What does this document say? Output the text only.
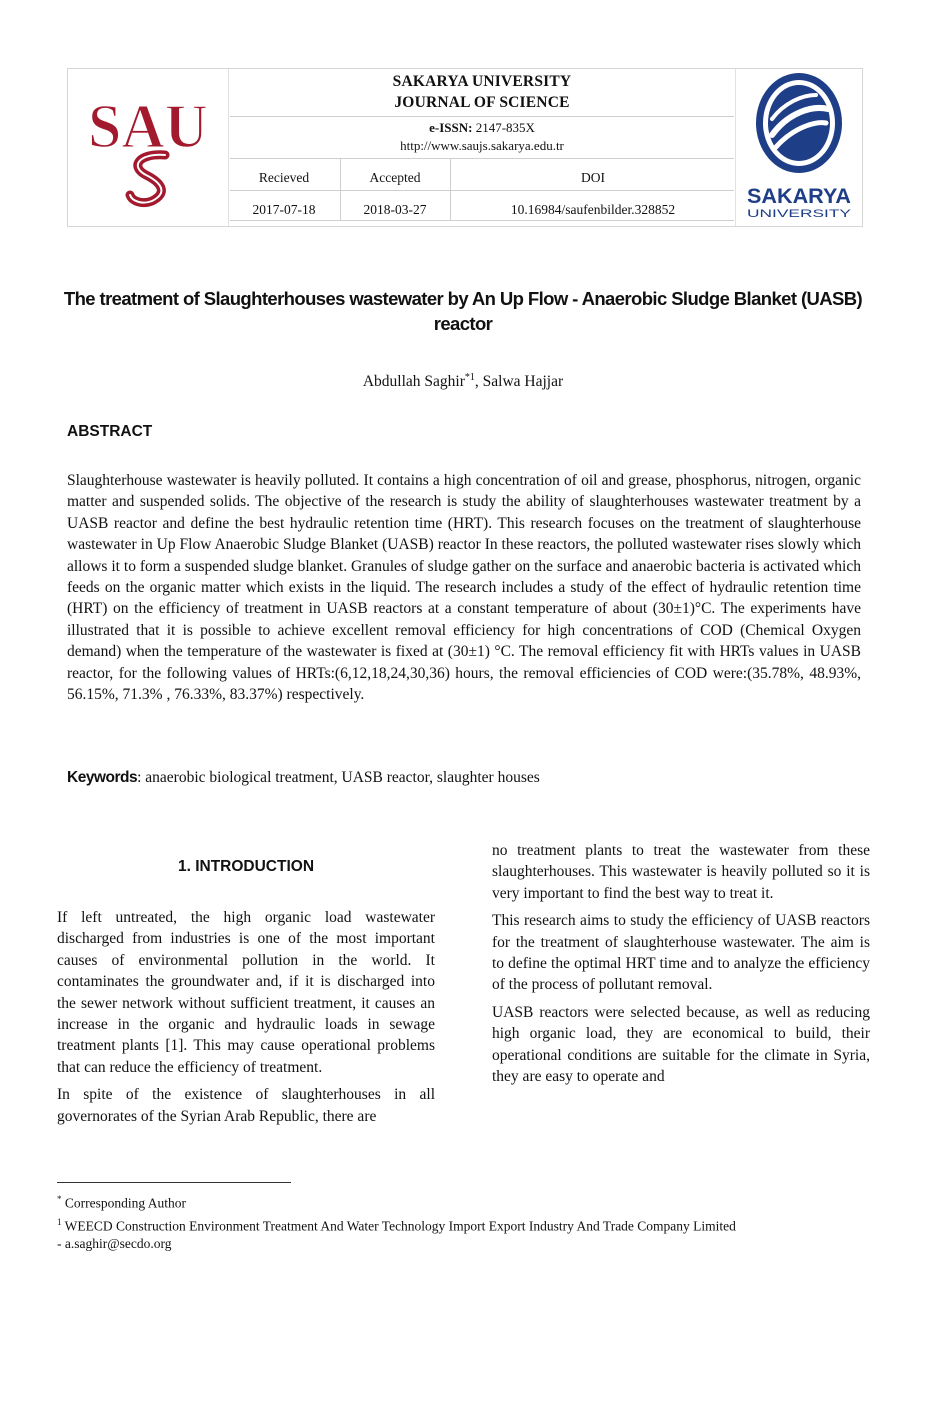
SAU
SAKARYA UNIVERSITY
JOURNAL OF SCIENCE
e-ISSN: 2147-835X
http://www.saujs.sakarya.edu.tr
Recieved	Accepted	DOI
2017-07-18	2018-03-27	10.16984/saufenbilder.328852
SAKARYA
UNIVERSITY
The treatment of Slaughterhouses wastewater by An Up Flow - Anaerobic Sludge Blanket (UASB) reactor
Abdullah Saghir$^{*1}$, Salwa Hajjar
ABSTRACT

Slaughterhouse wastewater is heavily polluted. It contains a high concentration of oil and grease, phosphorus, nitrogen, organic matter and suspended solids. The objective of the research is study the ability of slaughterhouses wastewater treatment by a UASB reactor and define the best hydraulic retention time (HRT). This research focuses on the treatment of slaughterhouse wastewater in Up Flow Anaerobic Sludge Blanket (UASB) reactor In these reactors, the polluted wastewater rises slowly which allows it to form a suspended sludge blanket. Granules of sludge gather on the surface and anaerobic bacteria is activated which feeds on the organic matter which exists in the liquid. The research includes a study of the effect of hydraulic retention time (HRT) on the efficiency of treatment in UASB reactors at a constant temperature of about (30±1)°C. The experiments have illustrated that it is possible to achieve excellent removal efficiency for high concentrations of COD (Chemical Oxygen demand) when the temperature of the wastewater is fixed at (30±1) °C. The removal efficiency fit with HRTs values in UASB reactor, for the following values of HRTs:(6,12,18,24,30,36) hours, the removal efficiencies of COD were:(35.78%, 48.93%, 56.15%, 71.3% , 76.33%, 83.37%) respectively.

Keywords: anaerobic biological treatment, UASB reactor, slaughter houses
1. INTRODUCTION

If left untreated, the high organic load wastewater discharged from industries is one of the most important causes of environmental pollution in the world. It contaminates the groundwater and, if it is discharged into the sewer network without sufficient treatment, it causes an increase in the organic and hydraulic loads in sewage treatment plants [1]. This may cause operational problems that can reduce the efficiency of treatment.

In spite of the existence of slaughterhouses in all governorates of the Syrian Arab Republic, there are

no treatment plants to treat the wastewater from these slaughterhouses. This wastewater is heavily polluted so it is very important to find the best way to treat it.

This research aims to study the efficiency of UASB reactors for the treatment of slaughterhouse wastewater. The aim is to define the optimal HRT time and to analyze the efficiency of the process of pollutant removal.

UASB reactors were selected because, as well as reducing high organic load, they are economical to build, their operational conditions are suitable for the climate in Syria, they are easy to operate and

* Corresponding Author
$^1$ WEECD Construction Environment Treatment And Water Technology Import Export Industry And Trade Company Limited
- a.saghir@secdo.org
